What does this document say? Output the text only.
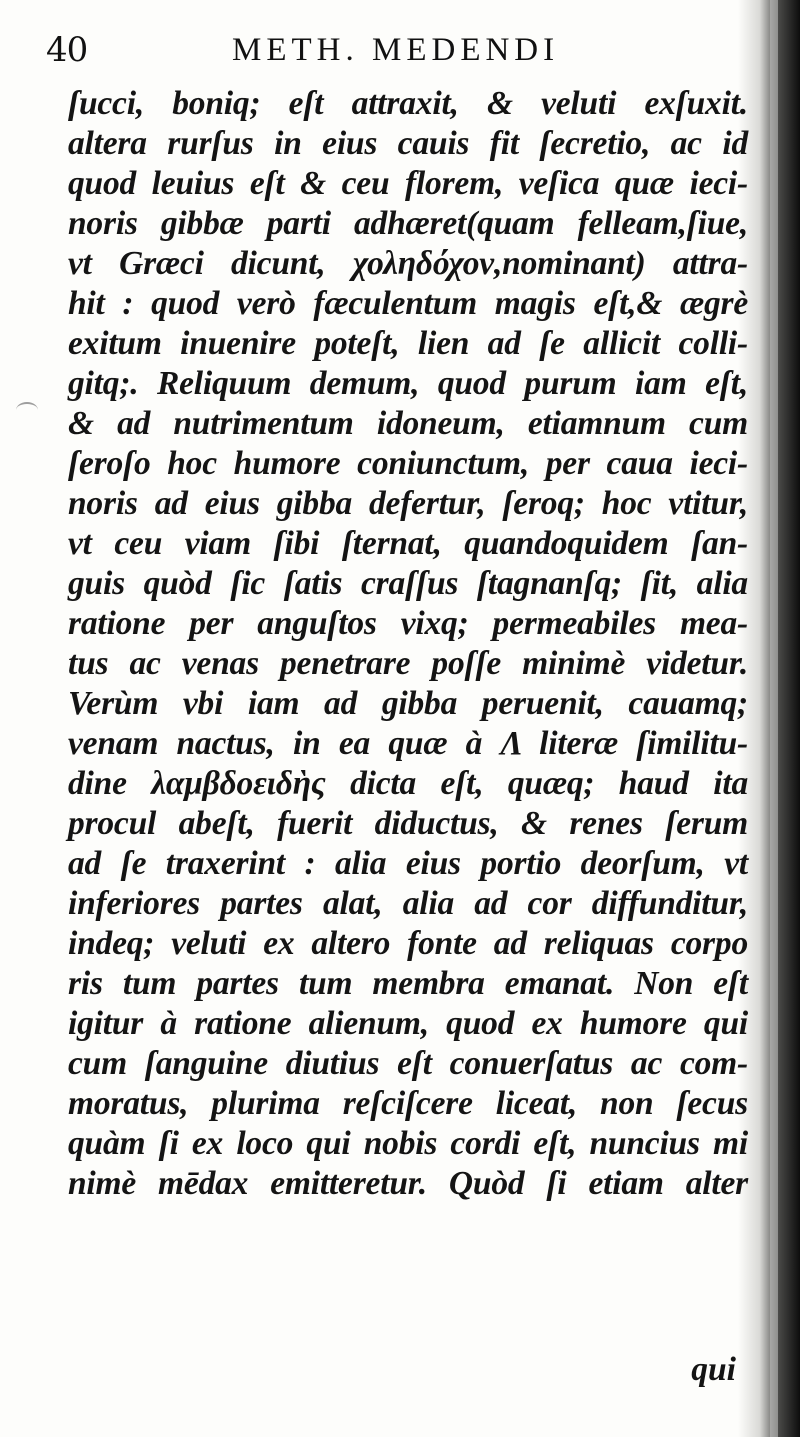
40	METH. MEDENDI
ſucci, boniq; eſt attraxit, & veluti exſuxit.
altera rurſus in eius cauis fit ſecretio, ac id
quod leuius eſt & ceu florem, veſica quæ ieci-
noris gibbæ parti adhæret(quam felleam,ſiue,
vt Græci dicunt, χοληδόχον,nominant) attra-
hit : quod verò fæculentum magis eſt,& ægrè
exitum inuenire poteſt, lien ad ſe allicit colli-
gitq;. Reliquum demum, quod purum iam eſt,
& ad nutrimentum idoneum, etiamnum cum
ſeroſo hoc humore coniunctum, per caua ieci-
noris ad eius gibba defertur, ſeroq; hoc vtitur,
vt ceu viam ſibi ſternat, quandoquidem ſan-
guis quòd ſic ſatis craſſus ſtagnanſq; ſit, alia
ratione per anguſtos vixq; permeabiles mea-
tus ac venas penetrare poſſe minimè videtur.
Verùm vbi iam ad gibba peruenit, cauamq;
venam nactus, in ea quæ à Λ literæ ſimilitu-
dine λαμβδοειδὴς dicta eſt, quæq; haud ita
procul abeſt, fuerit diductus, & renes ſerum
ad ſe traxerint : alia eius portio deorſum, vt
inferiores partes alat, alia ad cor diffunditur,
indeq; veluti ex altero fonte ad reliquas corpo
ris tum partes tum membra emanat. Non eſt
igitur à ratione alienum, quod ex humore qui
cum ſanguine diutius eſt conuerſatus ac com-
moratus, plurima reſciſcere liceat, non ſecus
quàm ſi ex loco qui nobis cordi eſt, nuncius mi
nimè mēdax emitteretur. Quòd ſi etiam alter
qui
